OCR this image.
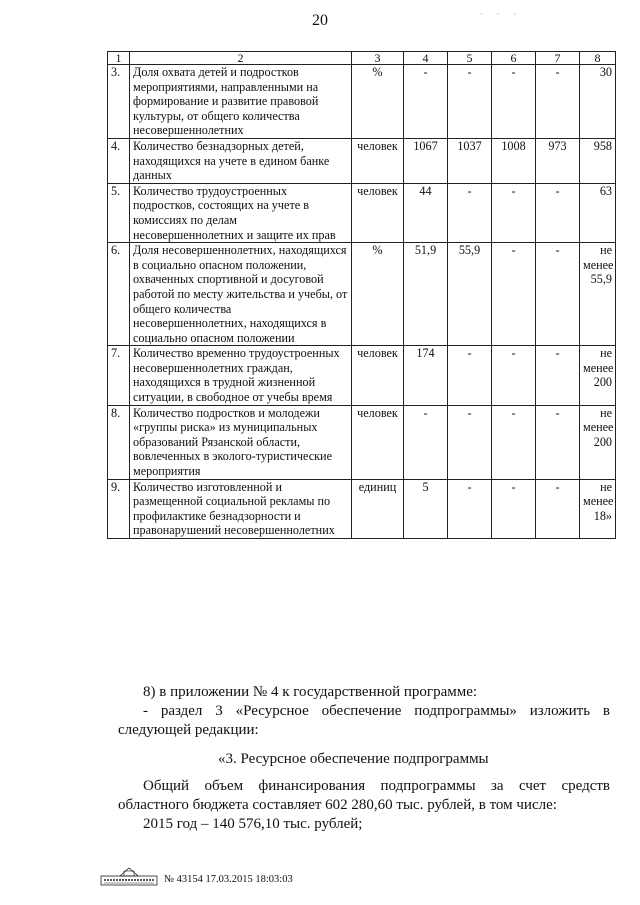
20	· · ·
1	2	3	4	5	6	7	8
3.	Доля охвата детей и подростков мероприятиями, направленными на формирование и развитие правовой культуры, от общего количества несовершеннолетних	%	-	-	-	-	30
4.	Количество безнадзорных детей, находящихся на учете в едином банке данных	человек	1067	1037	1008	973	958
5.	Количество трудоустроенных подростков, состоящих на учете в комиссиях по делам несовершеннолетних и защите их прав	человек	44	-	-	-	63
6.	Доля несовершеннолетних, находящихся в социально опасном положении, охваченных спортивной и досуговой работой по месту жительства и учебы, от общего количества несовершеннолетних, находящихся в социально опасном положении	%	51,9	55,9	-	-	не менее 55,9
7.	Количество временно трудоустроенных несовершеннолетних граждан, находящихся в трудной жизненной ситуации, в свободное от учебы время	человек	174	-	-	-	не менее 200
8.	Количество подростков и молодежи «группы риска» из муниципальных образований Рязанской области, вовлеченных в эколого-туристические мероприятия	человек	-	-	-	-	не менее 200
9.	Количество изготовленной и размещенной социальной рекламы по профилактике безнадзорности и правонарушений несовершеннолетних	единиц	5	-	-	-	не менее 18»
8) в приложении № 4 к государственной программе:
- раздел 3 «Ресурсное обеспечение подпрограммы» изложить в
следующей редакции:
«3. Ресурсное обеспечение подпрограммы
Общий объем финансирования подпрограммы за счет средств
областного бюджета составляет 602 280,60 тыс. рублей, в том числе:
2015 год – 140 576,10 тыс. рублей;
№ 43154 17.03.2015 18:03:03
